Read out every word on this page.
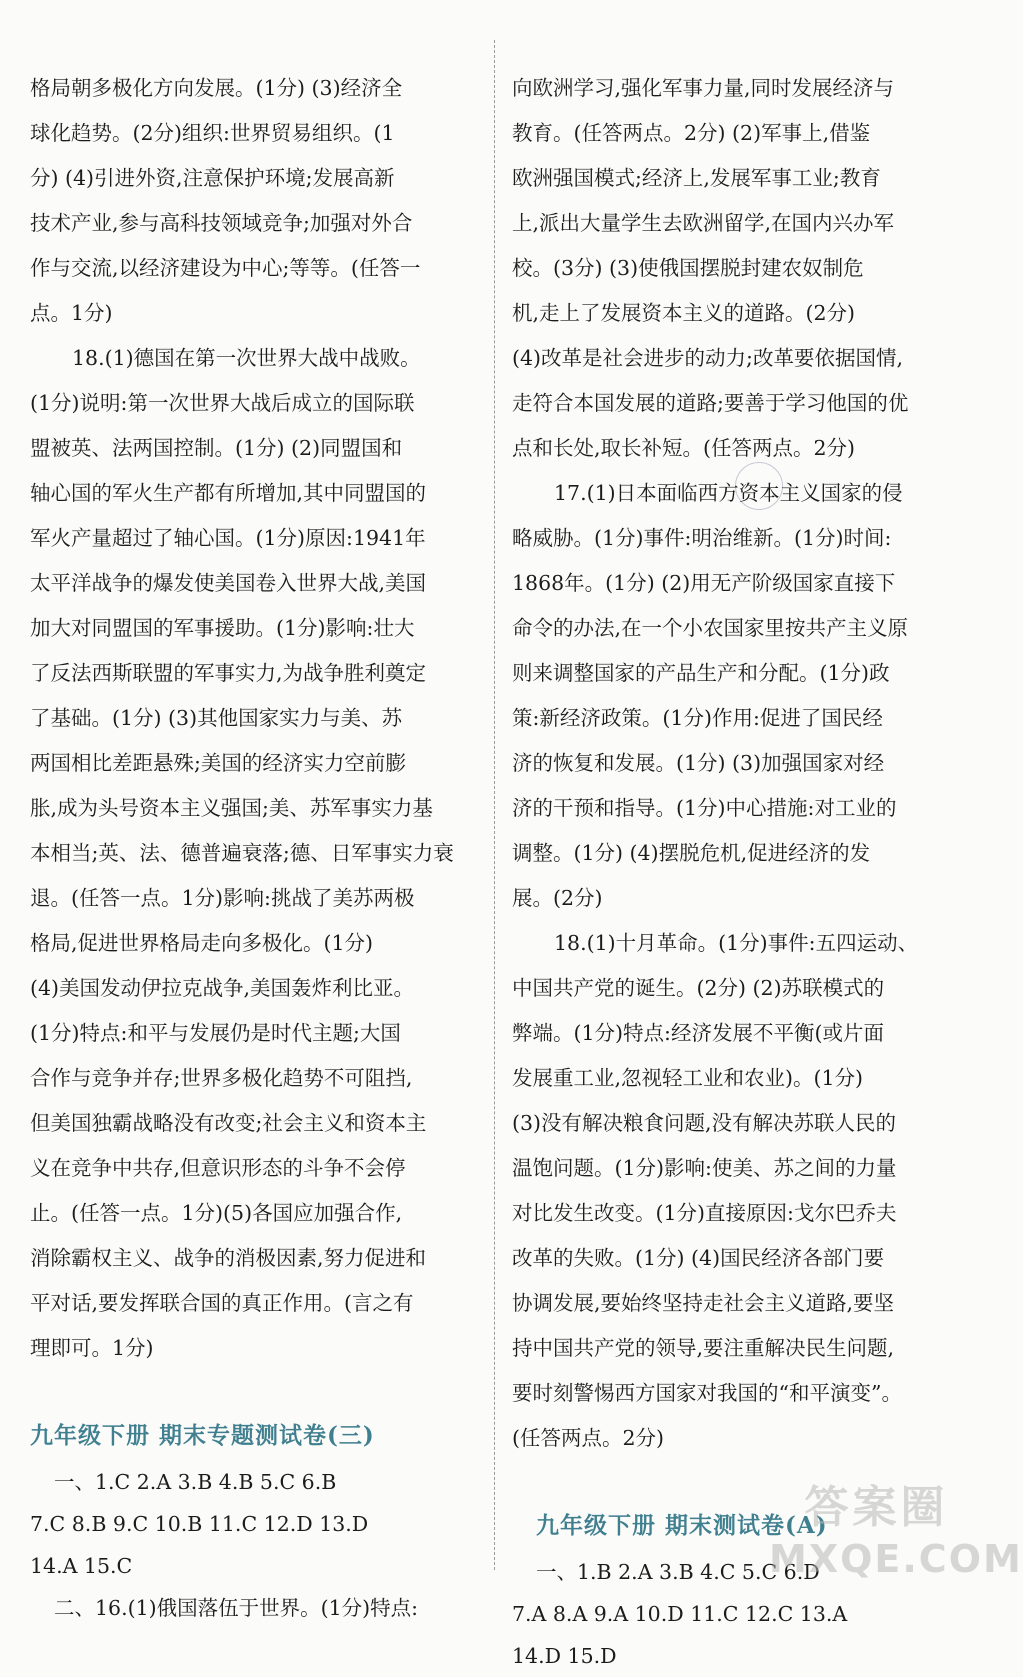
格局朝多极化方向发展。(1分) (3)经济全
球化趋势。(2分)组织:世界贸易组织。(1
分) (4)引进外资,注意保护环境;发展高新
技术产业,参与高科技领域竞争;加强对外合
作与交流,以经济建设为中心;等等。(任答一
点。1分)
18.(1)德国在第一次世界大战中战败。
(1分)说明:第一次世界大战后成立的国际联
盟被英、法两国控制。(1分) (2)同盟国和
轴心国的军火生产都有所增加,其中同盟国的
军火产量超过了轴心国。(1分)原因:1941年
太平洋战争的爆发使美国卷入世界大战,美国
加大对同盟国的军事援助。(1分)影响:壮大
了反法西斯联盟的军事实力,为战争胜利奠定
了基础。(1分) (3)其他国家实力与美、苏
两国相比差距悬殊;美国的经济实力空前膨
胀,成为头号资本主义强国;美、苏军事实力基
本相当;英、法、德普遍衰落;德、日军事实力衰
退。(任答一点。1分)影响:挑战了美苏两极
格局,促进世界格局走向多极化。(1分)
(4)美国发动伊拉克战争,美国轰炸利比亚。
(1分)特点:和平与发展仍是时代主题;大国
合作与竞争并存;世界多极化趋势不可阻挡,
但美国独霸战略没有改变;社会主义和资本主
义在竞争中共存,但意识形态的斗争不会停
止。(任答一点。1分)(5)各国应加强合作,
消除霸权主义、战争的消极因素,努力促进和
平对话,要发挥联合国的真正作用。(言之有
理即可。1分)
九年级下册 期末专题测试卷(三)
一、1.C 2.A 3.B 4.B 5.C 6.B
7.C 8.B 9.C 10.B 11.C 12.D 13.D
14.A 15.C
二、16.(1)俄国落伍于世界。(1分)特点:
向欧洲学习,强化军事力量,同时发展经济与
教育。(任答两点。2分) (2)军事上,借鉴
欧洲强国模式;经济上,发展军事工业;教育
上,派出大量学生去欧洲留学,在国内兴办军
校。(3分) (3)使俄国摆脱封建农奴制危
机,走上了发展资本主义的道路。(2分)
(4)改革是社会进步的动力;改革要依据国情,
走符合本国发展的道路;要善于学习他国的优
点和长处,取长补短。(任答两点。2分)
17.(1)日本面临西方资本主义国家的侵
略威胁。(1分)事件:明治维新。(1分)时间:
1868年。(1分) (2)用无产阶级国家直接下
命令的办法,在一个小农国家里按共产主义原
则来调整国家的产品生产和分配。(1分)政
策:新经济政策。(1分)作用:促进了国民经
济的恢复和发展。(1分) (3)加强国家对经
济的干预和指导。(1分)中心措施:对工业的
调整。(1分) (4)摆脱危机,促进经济的发
展。(2分)
18.(1)十月革命。(1分)事件:五四运动、
中国共产党的诞生。(2分) (2)苏联模式的
弊端。(1分)特点:经济发展不平衡(或片面
发展重工业,忽视轻工业和农业)。(1分)
(3)没有解决粮食问题,没有解决苏联人民的
温饱问题。(1分)影响:使美、苏之间的力量
对比发生改变。(1分)直接原因:戈尔巴乔夫
改革的失败。(1分) (4)国民经济各部门要
协调发展,要始终坚持走社会主义道路,要坚
持中国共产党的领导,要注重解决民生问题,
要时刻警惕西方国家对我国的“和平演变”。
(任答两点。2分)
九年级下册 期末测试卷(A)
一、1.B 2.A 3.B 4.C 5.C 6.D
7.A 8.A 9.A 10.D 11.C 12.C 13.A
14.D 15.D
答案圈
MXQE.COM
